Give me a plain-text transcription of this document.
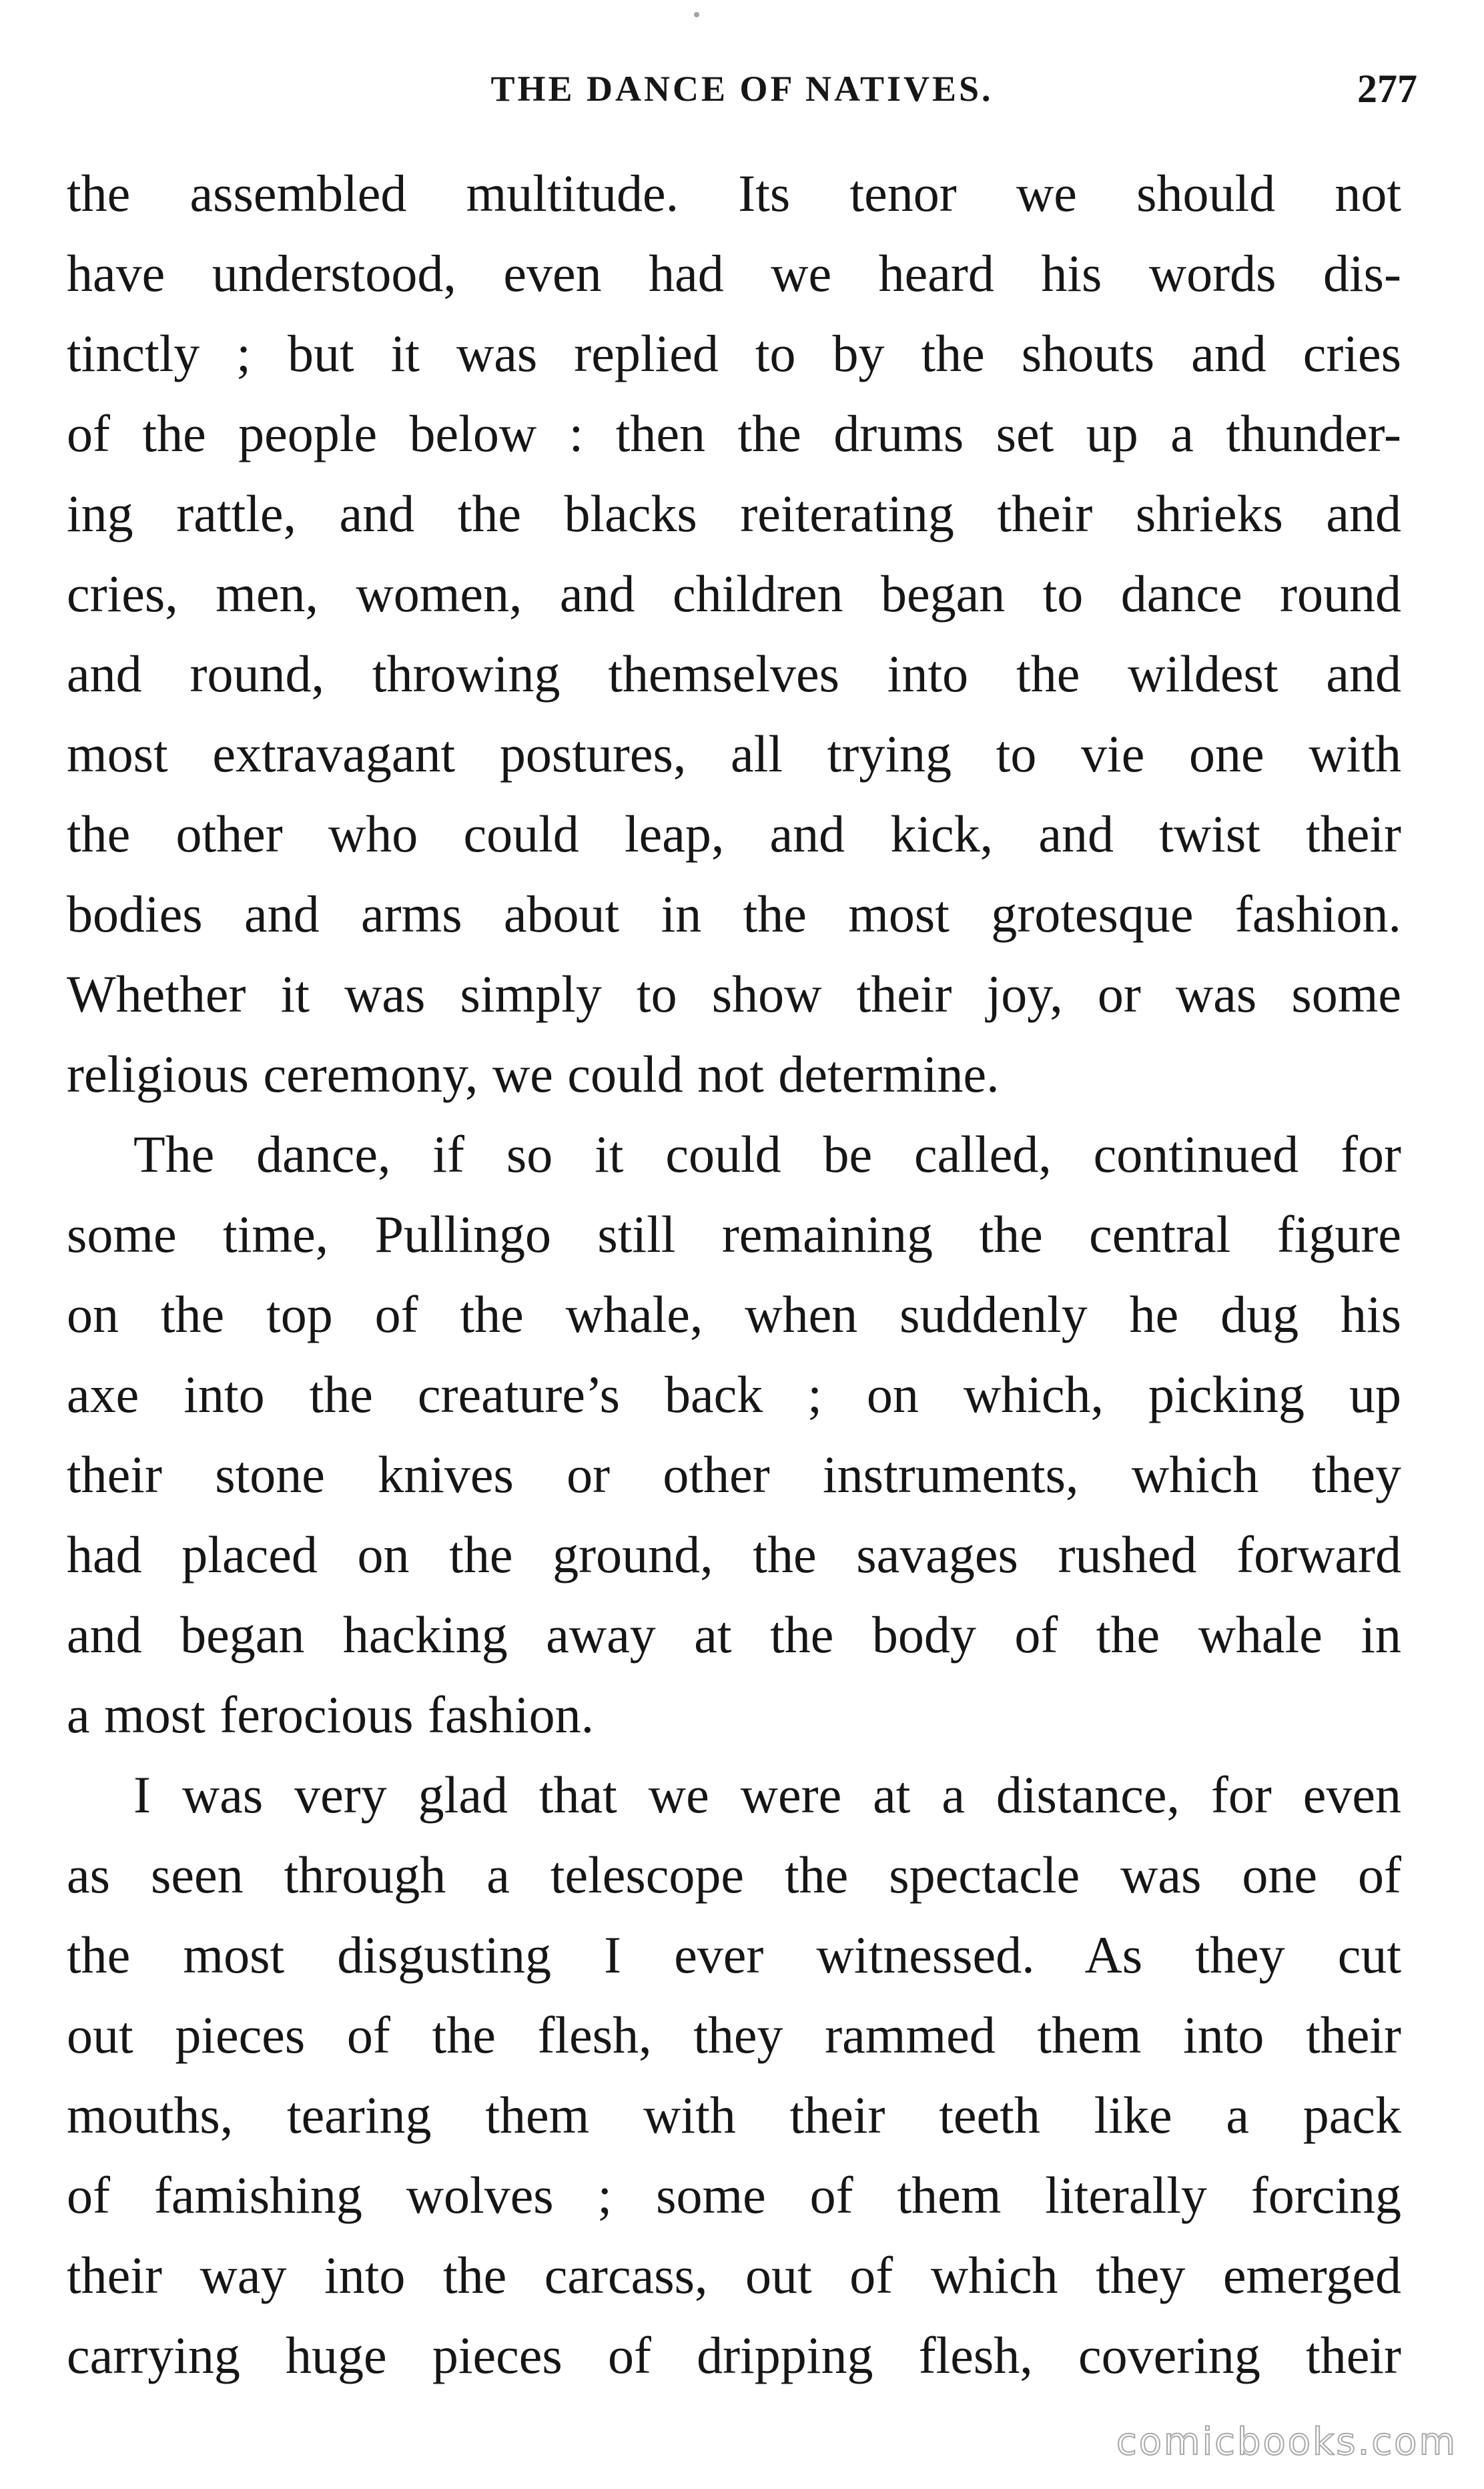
THE DANCE OF NATIVES.	277
the assembled multitude. Its tenor we should not
have understood, even had we heard his words dis-
tinctly ; but it was replied to by the shouts and cries
of the people below : then the drums set up a thunder-
ing rattle, and the blacks reiterating their shrieks and
cries, men, women, and children began to dance round
and round, throwing themselves into the wildest and
most extravagant postures, all trying to vie one with
the other who could leap, and kick, and twist their
bodies and arms about in the most grotesque fashion.
Whether it was simply to show their joy, or was some
religious ceremony, we could not determine.
The dance, if so it could be called, continued for
some time, Pullingo still remaining the central figure
on the top of the whale, when suddenly he dug his
axe into the creature’s back ; on which, picking up
their stone knives or other instruments, which they
had placed on the ground, the savages rushed forward
and began hacking away at the body of the whale in
a most ferocious fashion.
I was very glad that we were at a distance, for even
as seen through a telescope the spectacle was one of
the most disgusting I ever witnessed. As they cut
out pieces of the flesh, they rammed them into their
mouths, tearing them with their teeth like a pack
of famishing wolves ; some of them literally forcing
their way into the carcass, out of which they emerged
carrying huge pieces of dripping flesh, covering their
comicbooks.com
